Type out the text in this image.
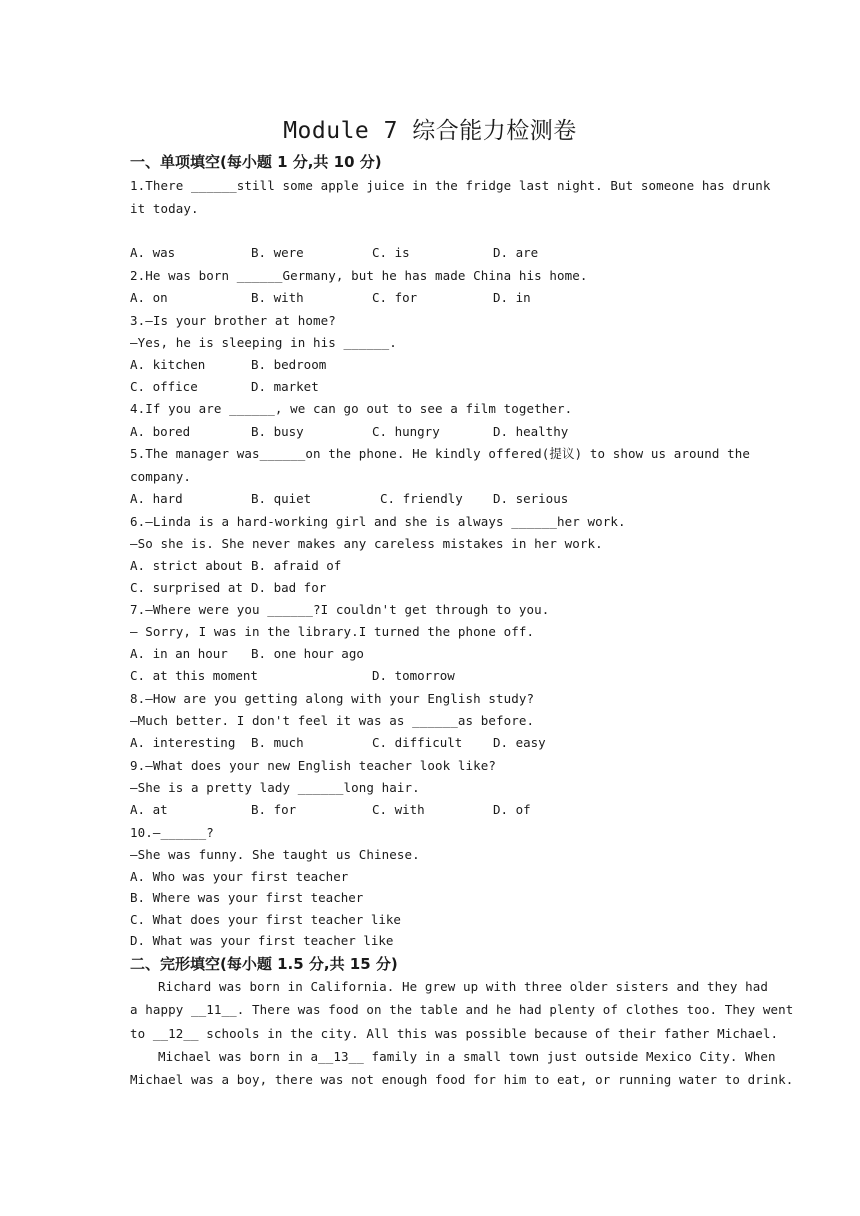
Module 7 综合能力检测卷
一、单项填空(每小题 1 分,共 10 分)
1.There ______still some apple juice in the fridge last night. But someone has drunk
it today.
A. was	B. were	C. is	D. are
2.He was born ______Germany, but he has made China his home.
A. on	B. with	C. for	D. in
3.—Is your brother at home?
—Yes, he is sleeping in his ______.
A. kitchen	B. bedroom
C. office	D. market
4.If you are ______, we can go out to see a film together.
A. bored	B. busy	C. hungry	D. healthy
5.The manager was______on the phone. He kindly offered(提议) to show us around the
company.
A. hard	B. quiet	C. friendly D. serious
6.—Linda is a hard-working girl and she is always ______her work.
—So she is. She never makes any careless mistakes in her work.
A. strict about B. afraid of
C. surprised at D. bad for
7.—Where were you ______?I couldn't get through to you.
— Sorry, I was in the library.I turned the phone off.
A. in an hour B. one hour ago
C. at this moment	D. tomorrow
8.—How are you getting along with your English study?
—Much better. I don't feel it was as ______as before.
A. interesting B. much	C. difficult D. easy
9.—What does your new English teacher look like?
—She is a pretty lady ______long hair.
A. at	B. for	C. with	D. of
10.—______?
—She was funny. She taught us Chinese.
A. Who was your first teacher
B. Where was your first teacher
C. What does your first teacher like
D. What was your first teacher like
二、完形填空(每小题 1.5 分,共 15 分)
Richard was born in California. He grew up with three older sisters and they had
a happy __11__. There was food on the table and he had plenty of clothes too. They went
to __12__ schools in the city. All this was possible because of their father Michael.
Michael was born in a__13__ family in a small town just outside Mexico City. When
Michael was a boy, there was not enough food for him to eat, or running water to drink.
